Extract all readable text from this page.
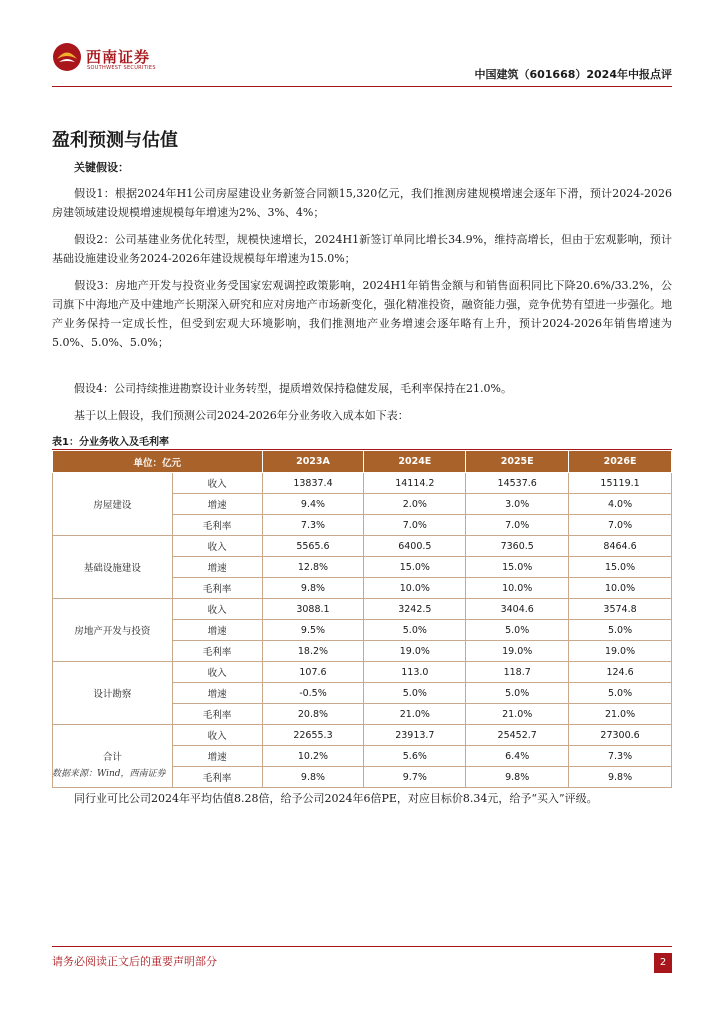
西南证券
SOUTHWEST SECURITIES	中国建筑（601668）2024年中报点评
盈利预测与估值
关键假设：
假设1：根据2024年H1公司房屋建设业务新签合同额15,320亿元，我们推测房建规模增速会逐年下滑，预计2024-2026房建领域建设规模增速规模每年增速为2%、3%、4%；
假设2：公司基建业务优化转型，规模快速增长，2024H1新签订单同比增长34.9%，维持高增长，但由于宏观影响，预计基础设施建设业务2024-2026年建设规模每年增速为15.0%；
假设3：房地产开发与投资业务受国家宏观调控政策影响，2024H1年销售金额与和销售面积同比下降20.6%/33.2%，公司旗下中海地产及中建地产长期深入研究和应对房地产市场新变化，强化精准投资，融资能力强，竞争优势有望进一步强化。地产业务保持一定成长性，但受到宏观大环境影响，我们推测地产业务增速会逐年略有上升，预计2024-2026年销售增速为5.0%、5.0%、5.0%；
假设4：公司持续推进勘察设计业务转型，提质增效保持稳健发展，毛利率保持在21.0%。
基于以上假设，我们预测公司2024-2026年分业务收入成本如下表：
表1：分业务收入及毛利率
单位：亿元		2023A	2024E	2025E	2026E
房屋建设	收入	13837.4	14114.2	14537.6	15119.1
	增速	9.4%	2.0%	3.0%	4.0%
	毛利率	7.3%	7.0%	7.0%	7.0%
基础设施建设	收入	5565.6	6400.5	7360.5	8464.6
	增速	12.8%	15.0%	15.0%	15.0%
	毛利率	9.8%	10.0%	10.0%	10.0%
房地产开发与投资	收入	3088.1	3242.5	3404.6	3574.8
	增速	9.5%	5.0%	5.0%	5.0%
	毛利率	18.2%	19.0%	19.0%	19.0%
设计勘察	收入	107.6	113.0	118.7	124.6
	增速	-0.5%	5.0%	5.0%	5.0%
	毛利率	20.8%	21.0%	21.0%	21.0%
合计	收入	22655.3	23913.7	25452.7	27300.6
	增速	10.2%	5.6%	6.4%	7.3%
	毛利率	9.8%	9.7%	9.8%	9.8%
数据来源：Wind，西南证券
同行业可比公司2024年平均估值8.28倍，给予公司2024年6倍PE，对应目标价8.34元，给予“买入”评级。
请务必阅读正文后的重要声明部分	2
